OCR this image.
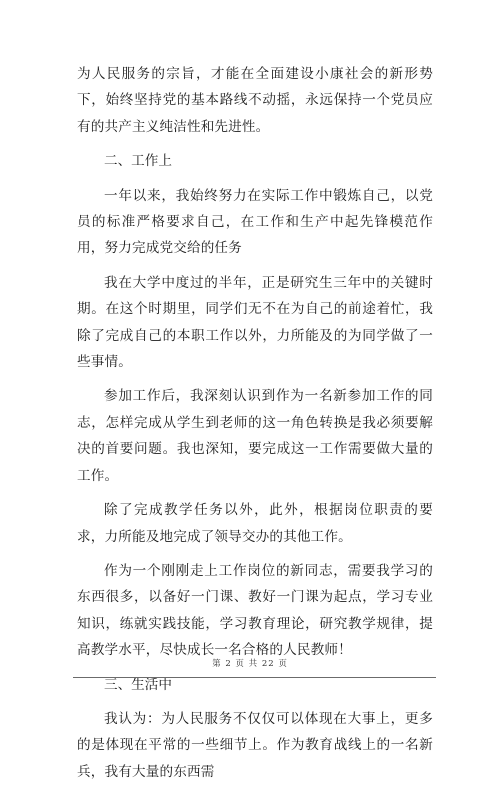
为人民服务的宗旨，才能在全面建设小康社会的新形势下，始终坚持党的基本路线不动摇，永远保持一个党员应有的共产主义纯洁性和先进性。

二、工作上

一年以来，我始终努力在实际工作中锻炼自己，以党员的标准严格要求自己，在工作和生产中起先锋模范作用，努力完成党交给的任务

我在大学中度过的半年，正是研究生三年中的关键时期。在这个时期里，同学们无不在为自己的前途着忙，我除了完成自己的本职工作以外，力所能及的为同学做了一些事情。

参加工作后，我深刻认识到作为一名新参加工作的同志，怎样完成从学生到老师的这一角色转换是我必须要解决的首要问题。我也深知，要完成这一工作需要做大量的工作。

除了完成教学任务以外，此外，根据岗位职责的要求，力所能及地完成了领导交办的其他工作。

作为一个刚刚走上工作岗位的新同志，需要我学习的东西很多，以备好一门课、教好一门课为起点，学习专业知识，练就实践技能，学习教育理论，研究教学规律，提高教学水平，尽快成长一名合格的人民教师！

三、生活中

我认为：为人民服务不仅仅可以体现在大事上，更多的是体现在平常的一些细节上。作为教育战线上的一名新兵，我有大量的东西需

第 2 页 共 22 页
